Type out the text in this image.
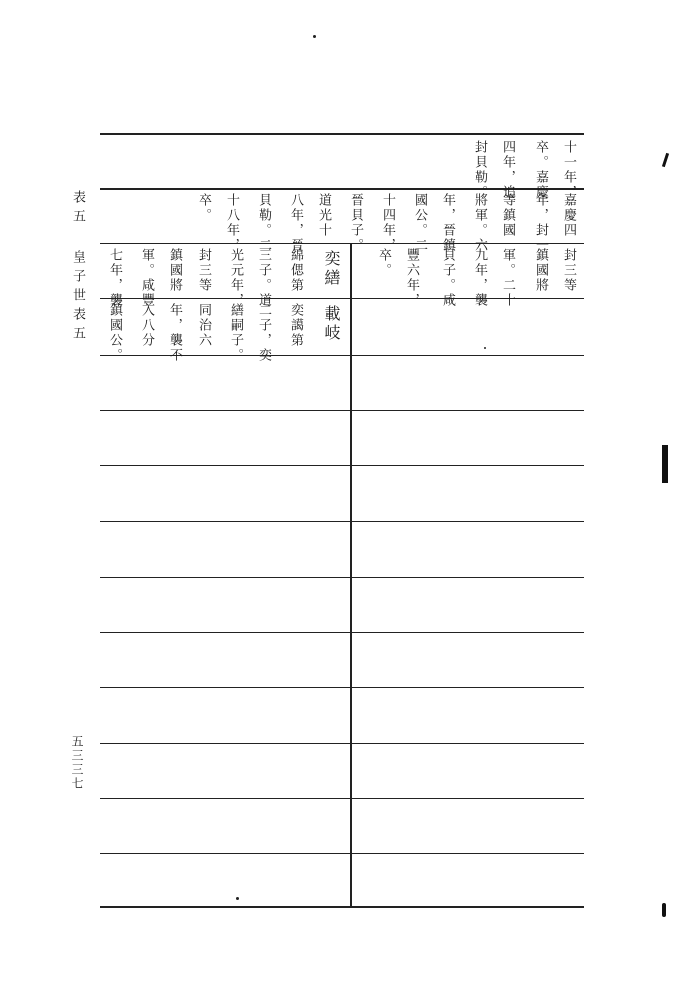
表五
皇子世表五
五三三七
十一年，
卒。嘉慶
四年，追
封貝勒。
嘉慶四
年，封一
等鎮國
將軍。六
年，晉鎮
國公。二
十四年，
晉貝子。
道光十
八年，晉
貝勒。二
十八年，
卒。
封三等
鎮國將
軍。二十
九年，襲
貝子。咸
豐六年，
卒。
奕繕
綿偲第
三子。道
光元年，
封三等
鎮國將
軍。咸豐
七年，襲
載岐
奕譪第
二子，奕
繕嗣子。
同治六
年，襲不
入八分
鎮國公。
